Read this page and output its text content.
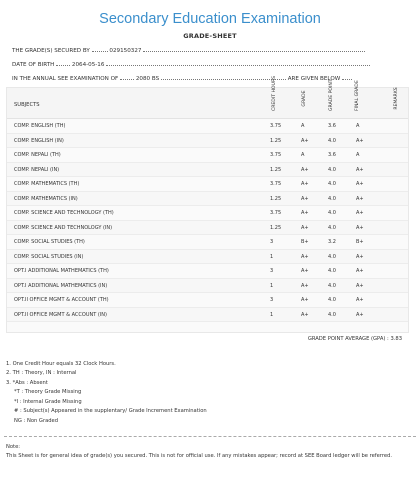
Secondary Education Examination
GRADE-SHEET
THE GRADE(S) SECURED BY	029150327
DATE OF BIRTH	2064-05-16
IN THE ANNUAL SEE EXAMINATION OF	2080 BS	ARE GIVEN BELOW
SUBJECTS	CREDIT HOURS	GRADE	GRADE POINT	FINAL GRADE	REMARKS
COMP. ENGLISH (TH)	3.75	A	3.6	A
COMP. ENGLISH (IN)	1.25	A+	4.0	A+
COMP. NEPALI (TH)	3.75	A	3.6	A
COMP. NEPALI (IN)	1.25	A+	4.0	A+
COMP. MATHEMATICS (TH)	3.75	A+	4.0	A+
COMP. MATHEMATICS (IN)	1.25	A+	4.0	A+
COMP. SCIENCE AND TECHNOLOGY (TH)	3.75	A+	4.0	A+
COMP. SCIENCE AND TECHNOLOGY (IN)	1.25	A+	4.0	A+
COMP. SOCIAL STUDIES (TH)	3	B+	3.2	B+
COMP. SOCIAL STUDIES (IN)	1	A+	4.0	A+
OPT.I ADDITIONAL MATHEMATICS (TH)	3	A+	4.0	A+
OPT.I ADDITIONAL MATHEMATICS (IN)	1	A+	4.0	A+
OPT.II OFFICE MGMT & ACCOUNT (TH)	3	A+	4.0	A+
OPT.II OFFICE MGMT & ACCOUNT (IN)	1	A+	4.0	A+
GRADE POINT AVERAGE (GPA) : 3.83
1. One Credit Hour equals 32 Clock Hours.
2. TH : Theory, IN : Internal
3. *Abs : Absent
*T : Theory Grade Missing
*I : Internal Grade Missing
# : Subject(s) Appeared in the supplentary/ Grade Increment Examination
NG : Non Graded
Note:
This Sheet is for general idea of grade(s) you secured. This is not for official use. If any mistakes appear; record at SEE Board ledger will be referred.
